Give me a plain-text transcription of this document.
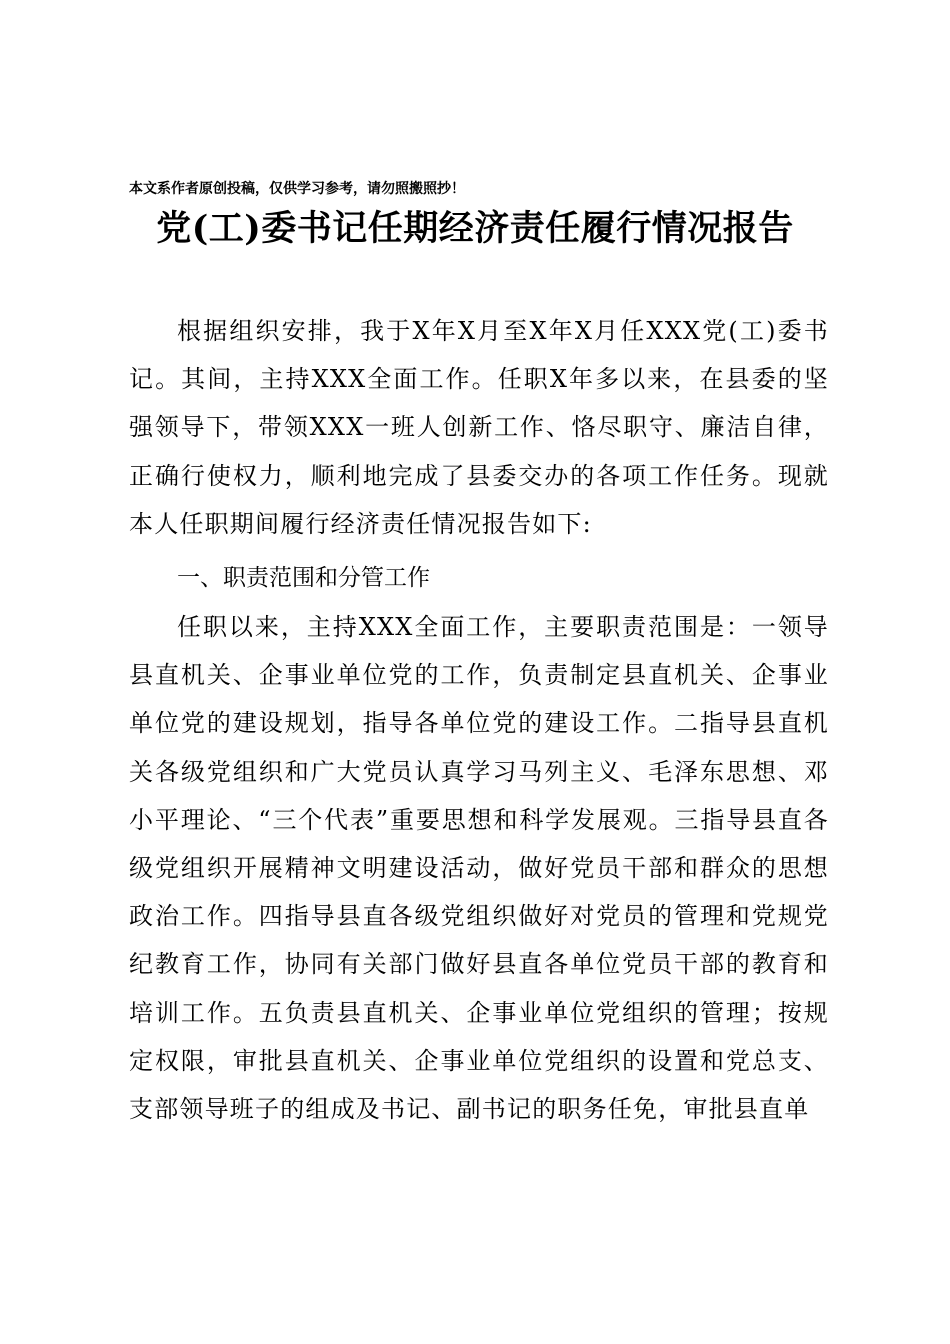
本文系作者原创投稿，仅供学习参考，请勿照搬照抄！
党(工)委书记任期经济责任履行情况报告

根据组织安排，我于X年X月至X年X月任XXX党(工)委书记。其间，主持XXX全面工作。任职X年多以来，在县委的坚强领导下，带领XXX一班人创新工作、恪尽职守、廉洁自律，正确行使权力，顺利地完成了县委交办的各项工作任务。现就本人任职期间履行经济责任情况报告如下:

一、职责范围和分管工作

任职以来，主持XXX全面工作，主要职责范围是：一领导县直机关、企事业单位党的工作，负责制定县直机关、企事业单位党的建设规划，指导各单位党的建设工作。二指导县直机关各级党组织和广大党员认真学习马列主义、毛泽东思想、邓小平理论、“三个代表”重要思想和科学发展观。三指导县直各级党组织开展精神文明建设活动，做好党员干部和群众的思想政治工作。四指导县直各级党组织做好对党员的管理和党规党纪教育工作，协同有关部门做好县直各单位党员干部的教育和培训工作。五负责县直机关、企事业单位党组织的管理；按规定权限，审批县直机关、企事业单位党组织的设置和党总支、支部领导班子的组成及书记、副书记的职务任免，审批县直单
